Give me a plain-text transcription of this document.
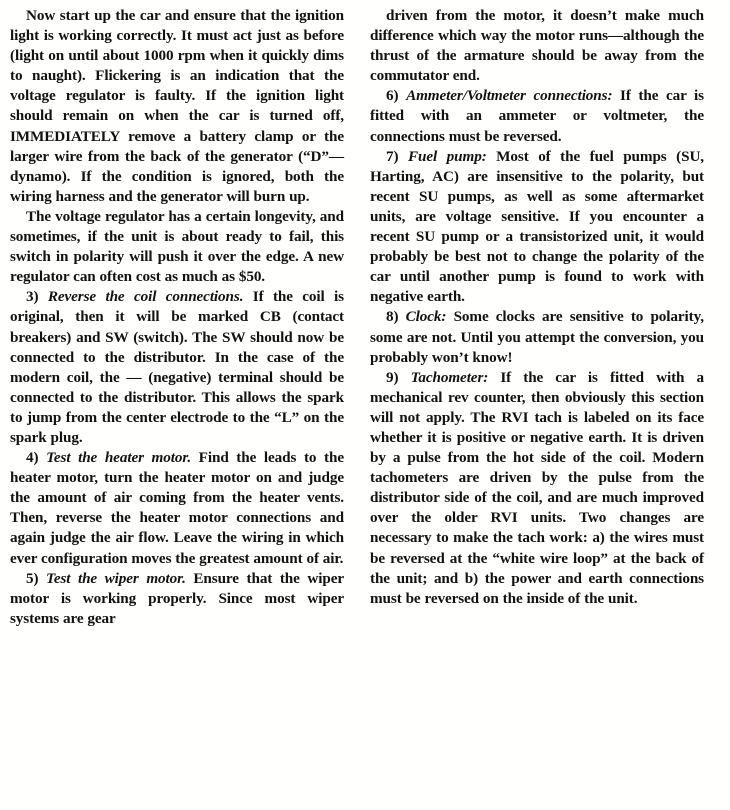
Now start up the car and ensure that the ignition light is working correctly. It must act just as before (light on until about 1000 rpm when it quickly dims to naught). Flickering is an indication that the voltage regulator is faulty. If the ignition light should remain on when the car is turned off, IMMEDIATELY remove a battery clamp or the larger wire from the back of the generator (“D”—dynamo). If the condition is ignored, both the wiring harness and the generator will burn up.

The voltage regulator has a certain longevity, and sometimes, if the unit is about ready to fail, this switch in polarity will push it over the edge. A new regulator can often cost as much as $50.

3) Reverse the coil connections. If the coil is original, then it will be marked CB (contact breakers) and SW (switch). The SW should now be connected to the distributor. In the case of the modern coil, the — (negative) terminal should be connected to the distributor. This allows the spark to jump from the center electrode to the “L” on the spark plug.

4) Test the heater motor. Find the leads to the heater motor, turn the heater motor on and judge the amount of air coming from the heater vents. Then, reverse the heater motor connections and again judge the air flow. Leave the wiring in which ever configuration moves the greatest amount of air.

5) Test the wiper motor. Ensure that the wiper motor is working properly. Since most wiper systems are gear

driven from the motor, it doesn’t make much difference which way the motor runs—although the thrust of the armature should be away from the commutator end.

6) Ammeter/Voltmeter connections: If the car is fitted with an ammeter or voltmeter, the connections must be reversed.

7) Fuel pump: Most of the fuel pumps (SU, Harting, AC) are insensitive to the polarity, but recent SU pumps, as well as some aftermarket units, are voltage sensitive. If you encounter a recent SU pump or a transistorized unit, it would probably be best not to change the polarity of the car until another pump is found to work with negative earth.

8) Clock: Some clocks are sensitive to polarity, some are not. Until you attempt the conversion, you probably won’t know!

9) Tachometer: If the car is fitted with a mechanical rev counter, then obviously this section will not apply. The RVI tach is labeled on its face whether it is positive or negative earth. It is driven by a pulse from the hot side of the coil. Modern tachometers are driven by the pulse from the distributor side of the coil, and are much improved over the older RVI units. Two changes are necessary to make the tach work: a) the wires must be reversed at the “white wire loop” at the back of the unit; and b) the power and earth connections must be reversed on the inside of the unit.
